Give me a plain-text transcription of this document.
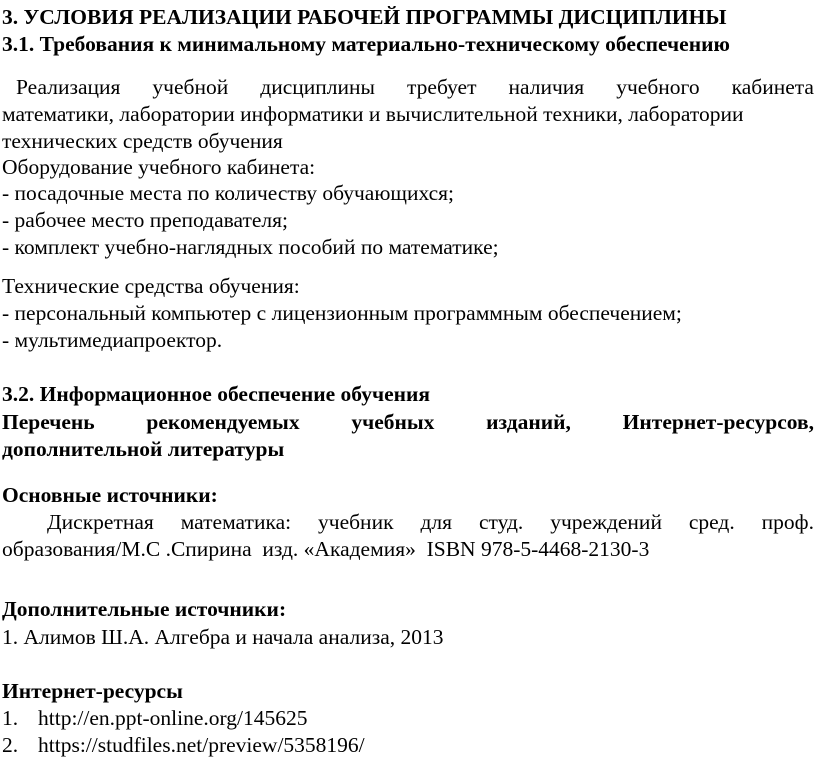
3. УСЛОВИЯ РЕАЛИЗАЦИИ РАБОЧЕЙ ПРОГРАММЫ ДИСЦИПЛИНЫ
3.1. Требования к минимальному материально-техническому обеспечению
Реализация учебной дисциплины требует наличия учебного кабинета
математики, лаборатории информатики и вычислительной техники, лаборатории
технических средств обучения
Оборудование учебного кабинета:
- посадочные места по количеству обучающихся;
- рабочее место преподавателя;
- комплект учебно-наглядных пособий по математике;
Технические средства обучения:
- персональный компьютер с лицензионным программным обеспечением;
- мультимедиапроектор.
3.2. Информационное обеспечение обучения
Перечень рекомендуемых учебных изданий, Интернет-ресурсов,
дополнительной литературы
Основные источники:
Дискретная математика: учебник для студ. учреждений сред. проф.
образования/М.С .Спирина  изд. «Академия»  ISBN 978-5-4468-2130-3
Дополнительные источники:
1. Алимов Ш.А. Алгебра и начала анализа, 2013
Интернет-ресурсы
1. http://en.ppt-online.org/145625
2. https://studfiles.net/preview/5358196/
